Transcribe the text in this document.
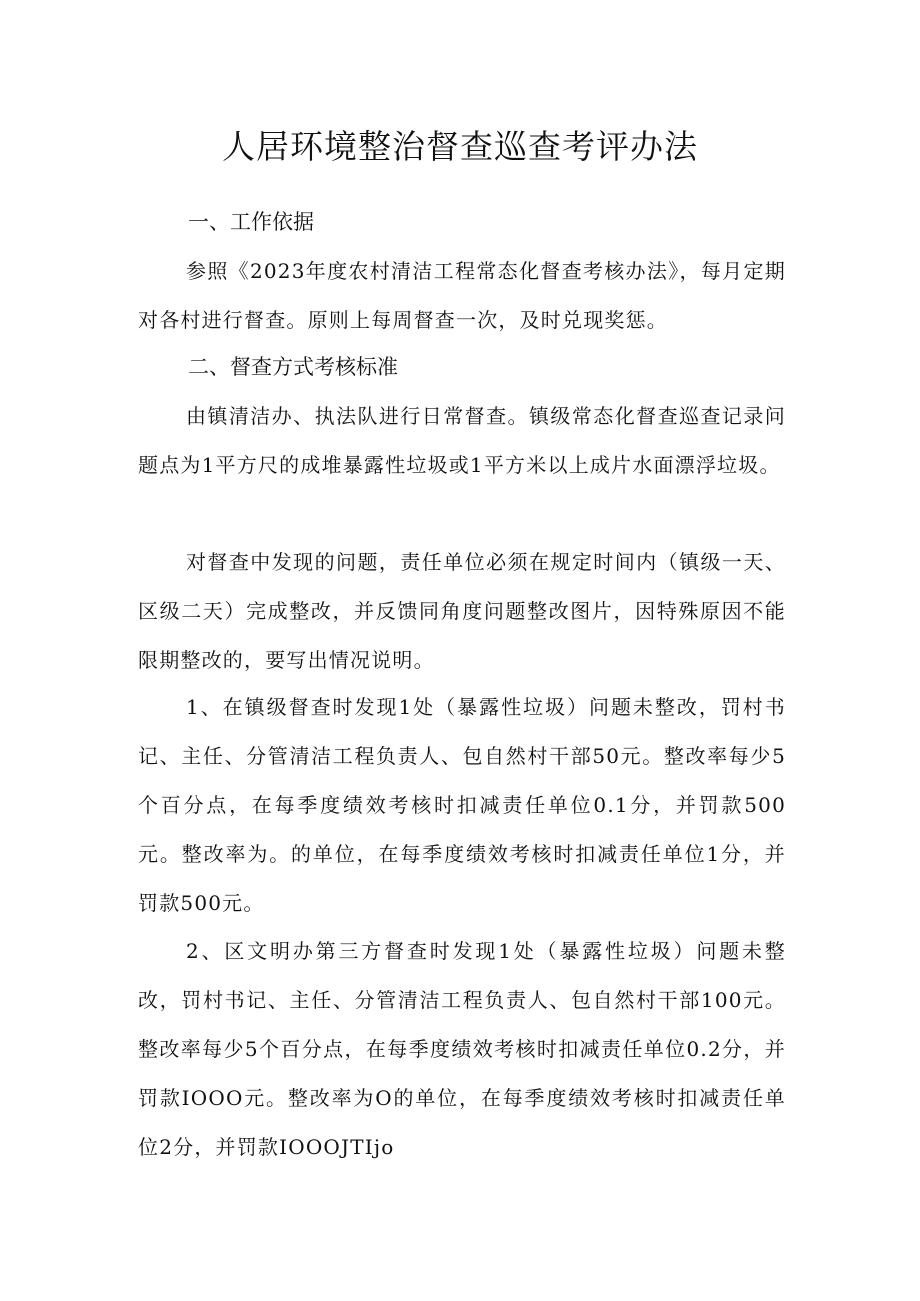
人居环境整治督查巡查考评办法
一、工作依据

参照《2023年度农村清洁工程常态化督查考核办法》，每月定期对各村进行督查。原则上每周督查一次，及时兑现奖惩。

二、督查方式考核标准

由镇清洁办、执法队进行日常督查。镇级常态化督查巡查记录问题点为1平方尺的成堆暴露性垃圾或1平方米以上成片水面漂浮垃圾。

对督查中发现的问题，责任单位必须在规定时间内（镇级一天、区级二天）完成整改，并反馈同角度问题整改图片，因特殊原因不能限期整改的，要写出情况说明。

1、在镇级督查时发现1处（暴露性垃圾）问题未整改，罚村书记、主任、分管清洁工程负责人、包自然村干部50元。整改率每少5个百分点，在每季度绩效考核时扣减责任单位0.1分，并罚款500元。整改率为。的单位，在每季度绩效考核时扣减责任单位1分，并罚款500元。

2、区文明办第三方督查时发现1处（暴露性垃圾）问题未整改，罚村书记、主任、分管清洁工程负责人、包自然村干部100元。整改率每少5个百分点，在每季度绩效考核时扣减责任单位0.2分，并罚款IOOO元。整改率为O的单位，在每季度绩效考核时扣减责任单位2分，并罚款IOOOJTIjo
